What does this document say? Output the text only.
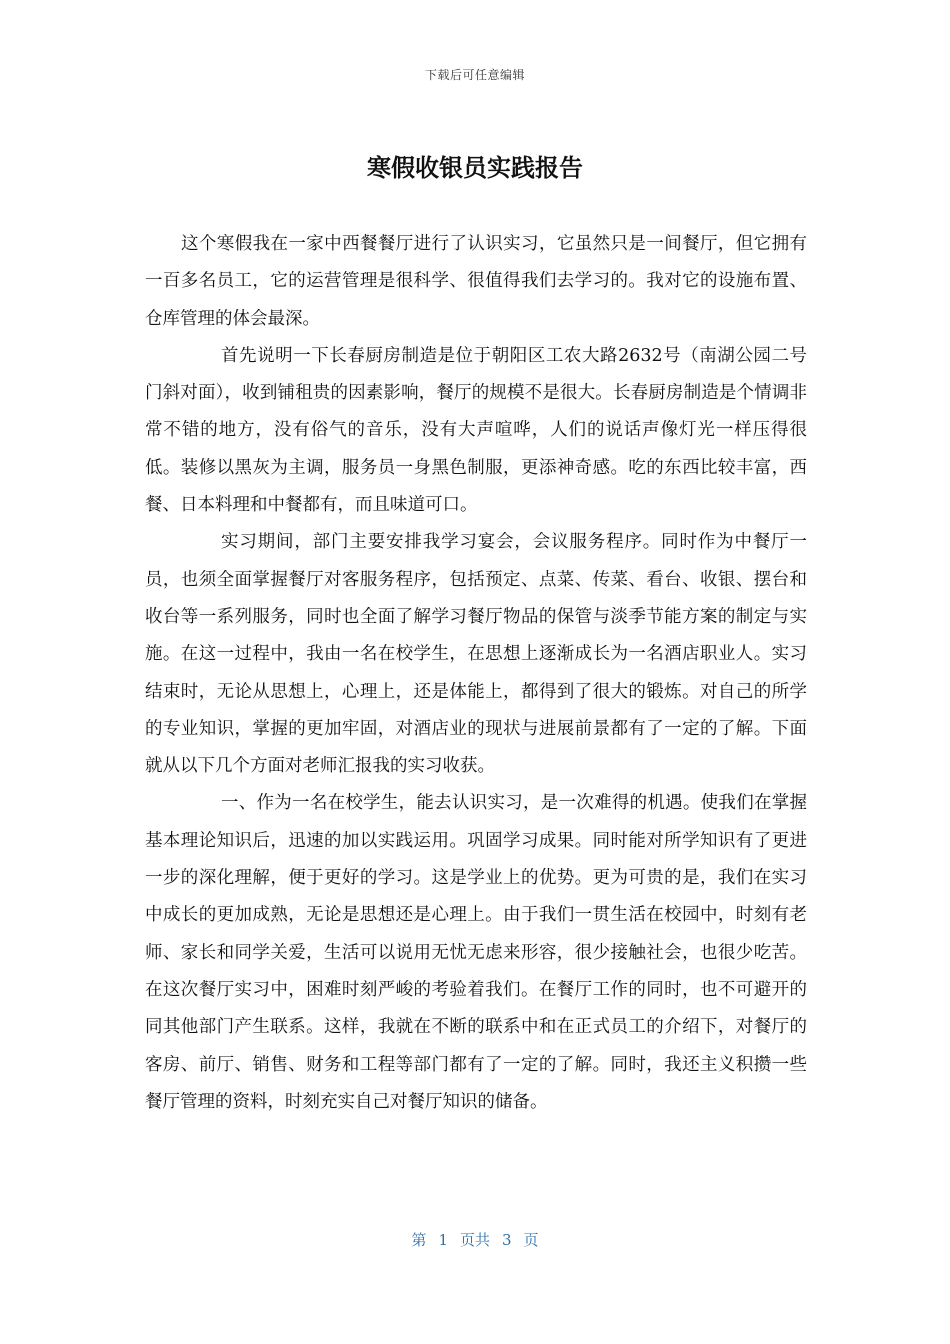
下载后可任意编辑
寒假收银员实践报告

这个寒假我在一家中西餐餐厅进行了认识实习，它虽然只是一间餐厅，但它拥有一百多名员工，它的运营管理是很科学、很值得我们去学习的。我对它的设施布置、仓库管理的体会最深。

首先说明一下长春厨房制造是位于朝阳区工农大路2632号（南湖公园二号门斜对面），收到铺租贵的因素影响，餐厅的规模不是很大。长春厨房制造是个情调非常不错的地方，没有俗气的音乐，没有大声喧哗，人们的说话声像灯光一样压得很低。装修以黑灰为主调，服务员一身黑色制服，更添神奇感。吃的东西比较丰富，西餐、日本料理和中餐都有，而且味道可口。

实习期间，部门主要安排我学习宴会，会议服务程序。同时作为中餐厅一员，也须全面掌握餐厅对客服务程序，包括预定、点菜、传菜、看台、收银、摆台和收台等一系列服务，同时也全面了解学习餐厅物品的保管与淡季节能方案的制定与实施。在这一过程中，我由一名在校学生，在思想上逐渐成长为一名酒店职业人。实习结束时，无论从思想上，心理上，还是体能上，都得到了很大的锻炼。对自己的所学的专业知识，掌握的更加牢固，对酒店业的现状与进展前景都有了一定的了解。下面就从以下几个方面对老师汇报我的实习收获。

一、作为一名在校学生，能去认识实习，是一次难得的机遇。使我们在掌握基本理论知识后，迅速的加以实践运用。巩固学习成果。同时能对所学知识有了更进一步的深化理解，便于更好的学习。这是学业上的优势。更为可贵的是，我们在实习中成长的更加成熟，无论是思想还是心理上。由于我们一贯生活在校园中，时刻有老师、家长和同学关爱，生活可以说用无忧无虑来形容，很少接触社会，也很少吃苦。在这次餐厅实习中，困难时刻严峻的考验着我们。在餐厅工作的同时，也不可避开的同其他部门产生联系。这样，我就在不断的联系中和在正式员工的介绍下，对餐厅的客房、前厅、销售、财务和工程等部门都有了一定的了解。同时，我还主义积攒一些餐厅管理的资料，时刻充实自己对餐厅知识的储备。

第 1 页共 3 页
